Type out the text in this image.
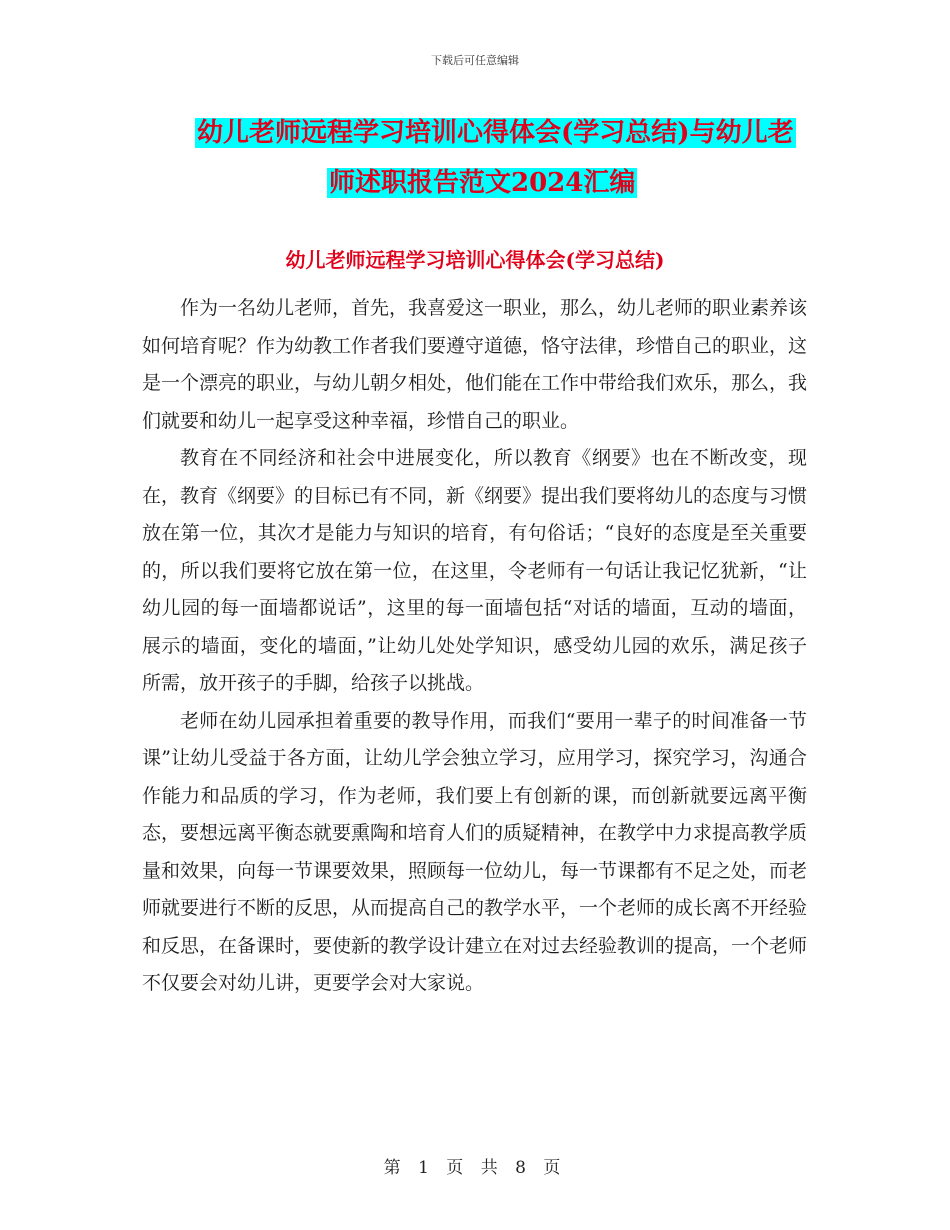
下载后可任意编辑
幼儿老师远程学习培训心得体会(学习总结)与幼儿老
师述职报告范文2024汇编
幼儿老师远程学习培训心得体会(学习总结)

作为一名幼儿老师，首先，我喜爱这一职业，那么，幼儿老师的职业素养该如何培育呢？作为幼教工作者我们要遵守道德，恪守法律，珍惜自己的职业，这是一个漂亮的职业，与幼儿朝夕相处，他们能在工作中带给我们欢乐，那么，我们就要和幼儿一起享受这种幸福，珍惜自己的职业。

教育在不同经济和社会中进展变化，所以教育《纲要》也在不断改变，现在，教育《纲要》的目标已有不同，新《纲要》提出我们要将幼儿的态度与习惯放在第一位，其次才是能力与知识的培育，有句俗话；“良好的态度是至关重要的，所以我们要将它放在第一位，在这里，令老师有一句话让我记忆犹新，“让幼儿园的每一面墙都说话”，这里的每一面墙包括“对话的墙面，互动的墙面，展示的墙面，变化的墙面，”让幼儿处处学知识，感受幼儿园的欢乐，满足孩子所需，放开孩子的手脚，给孩子以挑战。

老师在幼儿园承担着重要的教导作用，而我们“要用一辈子的时间准备一节课”让幼儿受益于各方面，让幼儿学会独立学习，应用学习，探究学习，沟通合作能力和品质的学习，作为老师，我们要上有创新的课，而创新就要远离平衡态，要想远离平衡态就要熏陶和培育人们的质疑精神，在教学中力求提高教学质量和效果，向每一节课要效果，照顾每一位幼儿，每一节课都有不足之处，而老师就要进行不断的反思，从而提高自己的教学水平，一个老师的成长离不开经验和反思，在备课时，要使新的教学设计建立在对过去经验教训的提高，一个老师不仅要会对幼儿讲，更要学会对大家说。

第 1 页 共 8 页
